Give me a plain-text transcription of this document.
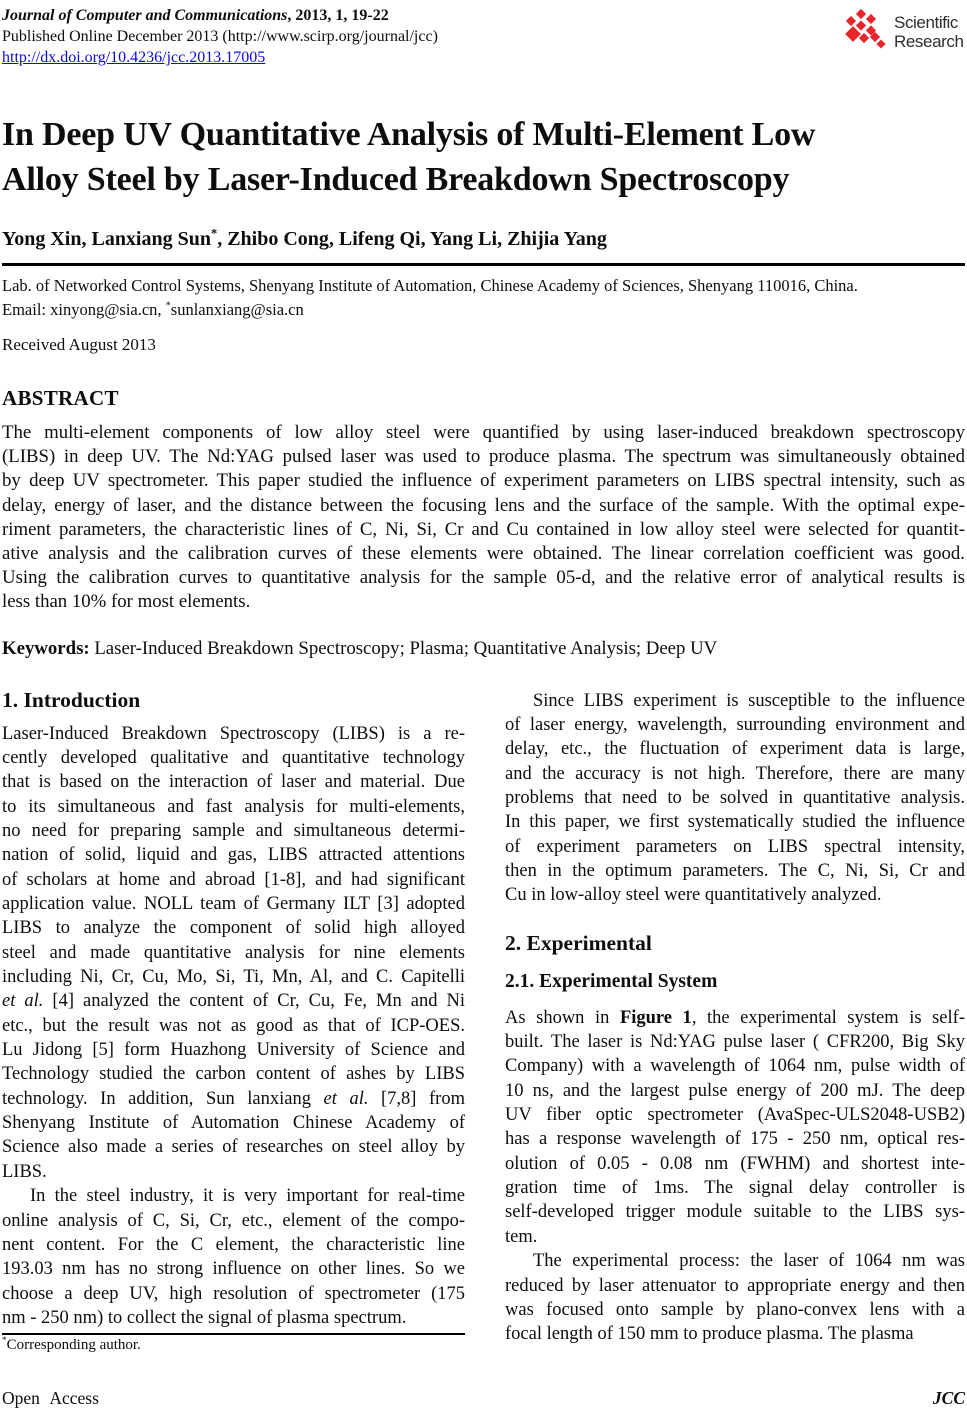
Journal of Computer and Communications, 2013, 1, 19-22
Published Online December 2013 (http://www.scirp.org/journal/jcc)
http://dx.doi.org/10.4236/jcc.2013.17005
Scientific
Research
In Deep UV Quantitative Analysis of Multi-Element Low
Alloy Steel by Laser-Induced Breakdown Spectroscopy
Yong Xin, Lanxiang Sun*, Zhibo Cong, Lifeng Qi, Yang Li, Zhijia Yang
Lab. of Networked Control Systems, Shenyang Institute of Automation, Chinese Academy of Sciences, Shenyang 110016, China.
Email: xinyong@sia.cn, *sunlanxiang@sia.cn
Received August 2013
ABSTRACT
The multi-element components of low alloy steel were quantified by using laser-induced breakdown spectroscopy
(LIBS) in deep UV. The Nd:YAG pulsed laser was used to produce plasma. The spectrum was simultaneously obtained
by deep UV spectrometer. This paper studied the influence of experiment parameters on LIBS spectral intensity, such as
delay, energy of laser, and the distance between the focusing lens and the surface of the sample. With the optimal expe-
riment parameters, the characteristic lines of C, Ni, Si, Cr and Cu contained in low alloy steel were selected for quantit-
ative analysis and the calibration curves of these elements were obtained. The linear correlation coefficient was good.
Using the calibration curves to quantitative analysis for the sample 05-d, and the relative error of analytical results is
less than 10% for most elements.
Keywords: Laser-Induced Breakdown Spectroscopy; Plasma; Quantitative Analysis; Deep UV
1. Introduction
Laser-Induced Breakdown Spectroscopy (LIBS) is a re-
cently developed qualitative and quantitative technology
that is based on the interaction of laser and material. Due
to its simultaneous and fast analysis for multi-elements,
no need for preparing sample and simultaneous determi-
nation of solid, liquid and gas, LIBS attracted attentions
of scholars at home and abroad [1-8], and had significant
application value. NOLL team of Germany ILT [3] adopted
LIBS to analyze the component of solid high alloyed
steel and made quantitative analysis for nine elements
including Ni, Cr, Cu, Mo, Si, Ti, Mn, Al, and C. Capitelli
et al. [4] analyzed the content of Cr, Cu, Fe, Mn and Ni
etc., but the result was not as good as that of ICP-OES.
Lu Jidong [5] form Huazhong University of Science and
Technology studied the carbon content of ashes by LIBS
technology. In addition, Sun lanxiang et al. [7,8] from
Shenyang Institute of Automation Chinese Academy of
Science also made a series of researches on steel alloy by
LIBS.
In the steel industry, it is very important for real-time
online analysis of C, Si, Cr, etc., element of the compo-
nent content. For the C element, the characteristic line
193.03 nm has no strong influence on other lines. So we
choose a deep UV, high resolution of spectrometer (175
nm - 250 nm) to collect the signal of plasma spectrum.
*Corresponding author.
Since LIBS experiment is susceptible to the influence
of laser energy, wavelength, surrounding environment and
delay, etc., the fluctuation of experiment data is large,
and the accuracy is not high. Therefore, there are many
problems that need to be solved in quantitative analysis.
In this paper, we first systematically studied the influence
of experiment parameters on LIBS spectral intensity,
then in the optimum parameters. The C, Ni, Si, Cr and
Cu in low-alloy steel were quantitatively analyzed.
2. Experimental
2.1. Experimental System
As shown in Figure 1, the experimental system is self-
built. The laser is Nd:YAG pulse laser ( CFR200, Big Sky
Company) with a wavelength of 1064 nm, pulse width of
10 ns, and the largest pulse energy of 200 mJ. The deep
UV fiber optic spectrometer (AvaSpec-ULS2048-USB2)
has a response wavelength of 175 - 250 nm, optical res-
olution of 0.05 - 0.08 nm (FWHM) and shortest inte-
gration time of 1ms. The signal delay controller is
self-developed trigger module suitable to the LIBS sys-
tem.
The experimental process: the laser of 1064 nm was
reduced by laser attenuator to appropriate energy and then
was focused onto sample by plano-convex lens with a
focal length of 150 mm to produce plasma. The plasma
Open Access	JCC
